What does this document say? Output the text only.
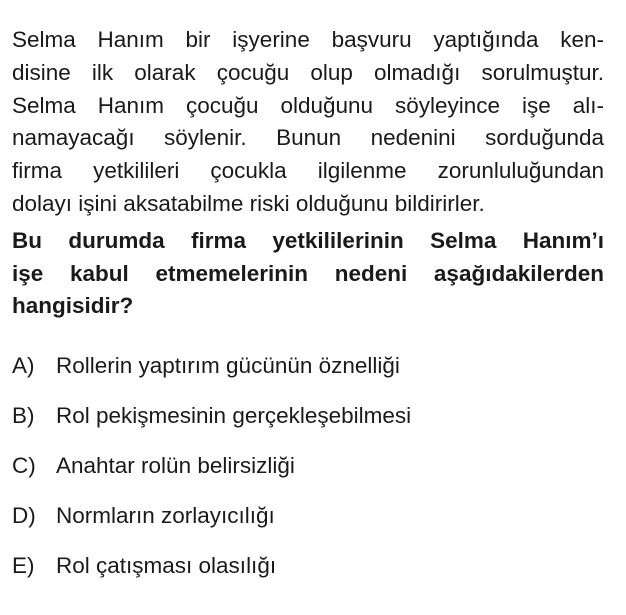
Selma Hanım bir işyerine başvuru yaptığında ken-
disine ilk olarak çocuğu olup olmadığı sorulmuştur.
Selma Hanım çocuğu olduğunu söyleyince işe alı-
namayacağı söylenir. Bunun nedenini sorduğunda
firma yetkilileri çocukla ilgilenme zorunluluğundan
dolayı işini aksatabilme riski olduğunu bildirirler.
Bu durumda firma yetkililerinin Selma Hanım’ı
işe kabul etmemelerinin nedeni aşağıdakilerden
hangisidir?
A) Rollerin yaptırım gücünün öznelliği
B) Rol pekişmesinin gerçekleşebilmesi
C) Anahtar rolün belirsizliği
D) Normların zorlayıcılığı
E) Rol çatışması olasılığı
